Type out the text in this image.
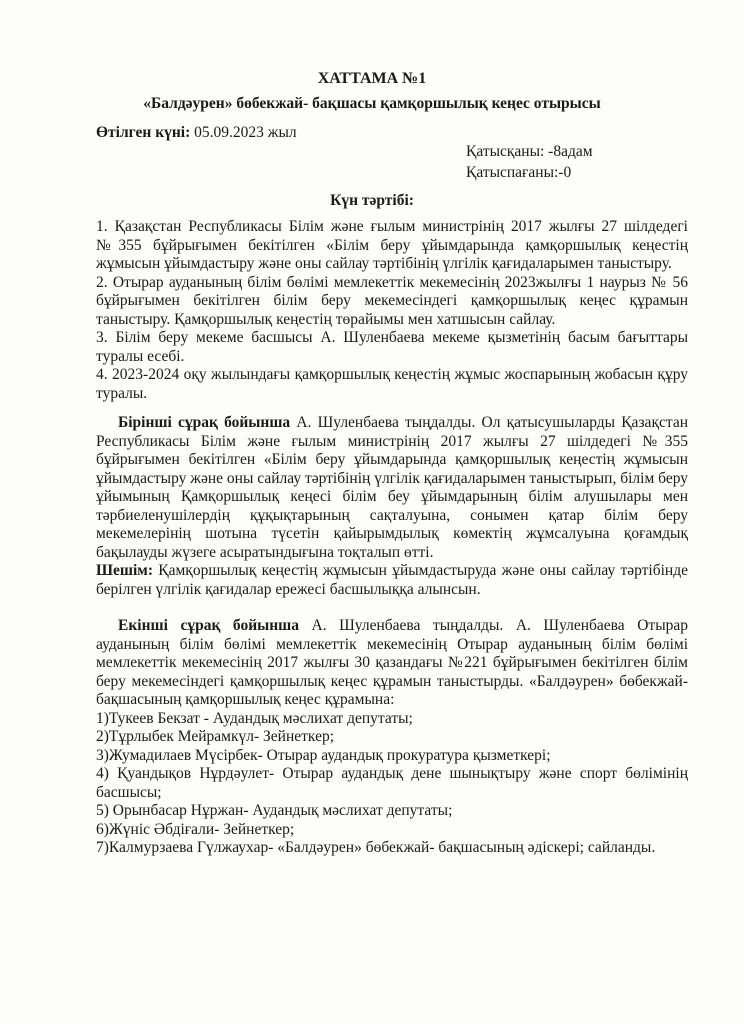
ХАТТАМА №1
«Балдәурен» бөбекжай- бақшасы қамқоршылық кеңес отырысы
Өтілген күні: 05.09.2023 жыл
Қатысқаны: -8адам
Қатыспағаны:-0
Күн тәртібі:

1. Қазақстан Республикасы Білім және ғылым министрінің 2017 жылғы 27 шілдедегі №355 бұйрығымен бекітілген «Білім беру ұйымдарында қамқоршылық кеңестің жұмысын ұйымдастыру және оны сайлау тәртібінің үлгілік қағидаларымен таныстыру.

2. Отырар ауданының білім бөлімі мемлекеттік мекемесінің 2023жылғы 1 наурыз № 56 бұйрығымен бекітілген білім беру мекемесіндегі қамқоршылық кеңес құрамын таныстыру. Қамқоршылық кеңестің төрайымы мен хатшысын сайлау.

3. Білім беру мекеме басшысы А. Шуленбаева мекеме қызметінің басым бағыттары туралы есебі.

4. 2023-2024 оқу жылындағы қамқоршылық кеңестің жұмыс жоспарының жобасын құру туралы.

Бірінші сұрақ бойынша А. Шуленбаева тыңдалды. Ол қатысушыларды Қазақстан Республикасы Білім және ғылым министрінің 2017 жылғы 27 шілдедегі №355 бұйрығымен бекітілген «Білім беру ұйымдарында қамқоршылық кеңестің жұмысын ұйымдастыру және оны сайлау тәртібінің үлгілік қағидаларымен таныстырып, білім беру ұйымының Қамқоршылық кеңесі білім беу ұйымдарының білім алушылары мен тәрбиеленушілердің құқықтарының сақталуына, сонымен қатар білім беру мекемелерінің шотына түсетін қайырымдылық көмектің жұмсалуына қоғамдық бақылауды жүзеге асыратындығына тоқталып өтті.

Шешім: Қамқоршылық кеңестің жұмысын ұйымдастыруда және оны сайлау тәртібінде берілген үлгілік қағидалар ережесі басшылыққа алынсын.

Екінші сұрақ бойынша А. Шуленбаева тыңдалды. А. Шуленбаева Отырар ауданының білім бөлімі мемлекеттік мекемесінің Отырар ауданының білім бөлімі мемлекеттік мекемесінің 2017 жылғы 30 қазандағы №221 бұйрығымен бекітілген білім беру мекемесіндегі қамқоршылық кеңес құрамын таныстырды. «Балдәурен» бөбекжай- бақшасының қамқоршылық кеңес құрамына:

1)Тукеев Бекзат - Аудандық мәслихат депутаты;

2)Тұрлыбек Мейрамкүл- Зейнеткер;

3)Жумадилаев Мүсірбек- Отырар аудандық прокуратура қызметкері;

4) Қуандықов Нұрдәулет- Отырар аудандық дене шынықтыру және спорт бөлімінің басшысы;

5) Орынбасар Нұржан- Аудандық мәслихат депутаты;

6)Жүніс Әбдіғали- Зейнеткер;

7)Калмурзаева Гүлжаухар- «Балдәурен» бөбекжай- бақшасының әдіскері; сайланды.
